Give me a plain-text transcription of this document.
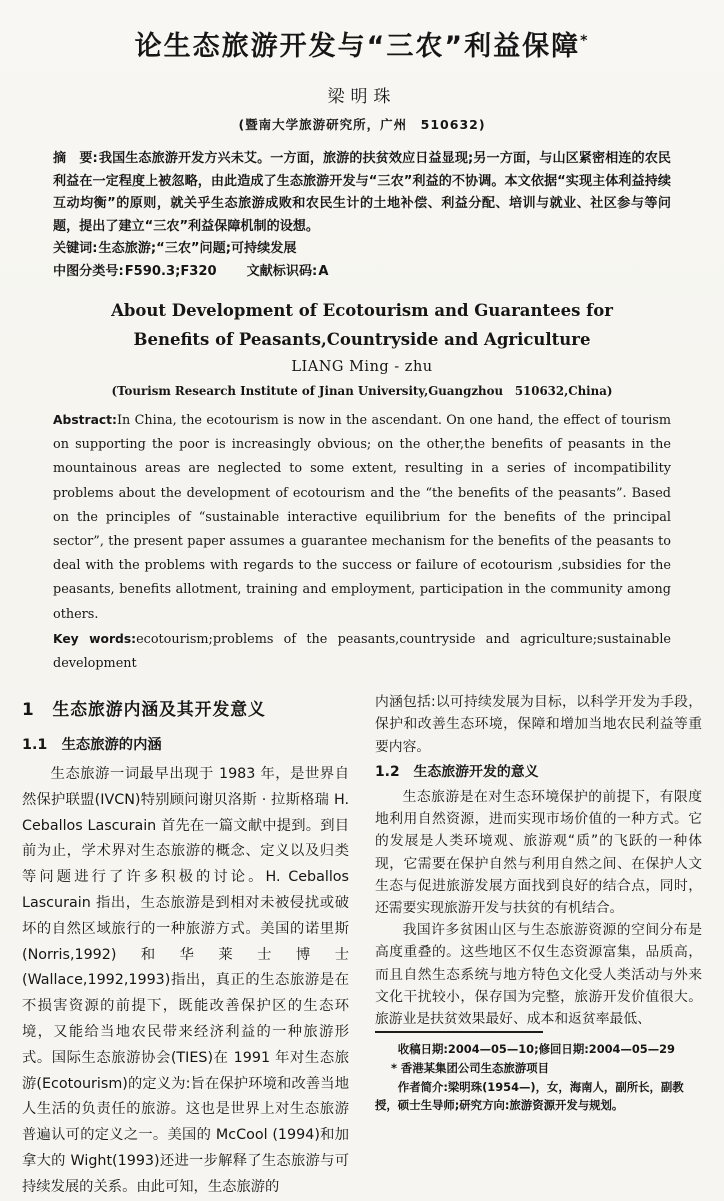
论生态旅游开发与“三农”利益保障*
梁明珠
(暨南大学旅游研究所，广州　510632)

摘　要:我国生态旅游开发方兴未艾。一方面，旅游的扶贫效应日益显现;另一方面，与山区紧密相连的农民利益在一定程度上被忽略，由此造成了生态旅游开发与“三农”利益的不协调。本文依据“实现主体利益持续互动均衡”的原则，就关乎生态旅游成败和农民生计的土地补偿、利益分配、培训与就业、社区参与等问题，提出了建立“三农”利益保障机制的设想。

关键词:生态旅游;“三农”问题;可持续发展

中图分类号:F590.3;F320 文献标识码:A

About Development of Ecotourism and Guarantees for
Benefits of Peasants,Countryside and Agriculture
LIANG Ming - zhu
(Tourism Research Institute of Jinan University,Guangzhou　510632,China)

Abstract:In China, the ecotourism is now in the ascendant. On one hand, the effect of tourism on supporting the poor is increasingly obvious; on the other,the benefits of peasants in the mountainous areas are neglected to some extent, resulting in a series of incompatibility problems about the development of ecotourism and the “the benefits of the peasants”. Based on the principles of “sustainable interactive equilibrium for the benefits of the principal sector”, the present paper assumes a guarantee mechanism for the benefits of the peasants to deal with the problems with regards to the success or failure of ecotourism ,subsidies for the peasants, benefits allotment, training and employment, participation in the community among others.

Key words:ecotourism;problems of the peasants,countryside and agriculture;sustainable development

1　生态旅游内涵及其开发意义
1.1　生态旅游的内涵

生态旅游一词最早出现于 1983 年，是世界自然保护联盟(IVCN)特别顾问谢贝洛斯 · 拉斯格瑞 H. Ceballos Lascurain 首先在一篇文献中提到。到目前为止，学术界对生态旅游的概念、定义以及归类等问题进行了许多积极的讨论。H. Ceballos Lascurain 指出，生态旅游是到相对未被侵扰或破坏的自然区域旅行的一种旅游方式。美国的诺里斯(Norris,1992)和华莱士博士(Wallace,1992,1993)指出，真正的生态旅游是在不损害资源的前提下，既能改善保护区的生态环境，又能给当地农民带来经济利益的一种旅游形式。国际生态旅游协会(TIES)在 1991 年对生态旅游(Ecotourism)的定义为:旨在保护环境和改善当地人生活的负责任的旅游。这也是世界上对生态旅游普遍认可的定义之一。美国的 McCool (1994)和加拿大的 Wight(1993)还进一步解释了生态旅游与可持续发展的关系。由此可知，生态旅游的

内涵包括:以可持续发展为目标，以科学开发为手段，保护和改善生态环境，保障和增加当地农民利益等重要内容。

1.2　生态旅游开发的意义

生态旅游是在对生态环境保护的前提下，有限度地利用自然资源，进而实现市场价值的一种方式。它的发展是人类环境观、旅游观“质”的飞跃的一种体现，它需要在保护自然与利用自然之间、在保护人文生态与促进旅游发展方面找到良好的结合点，同时，还需要实现旅游开发与扶贫的有机结合。

我国许多贫困山区与生态旅游资源的空间分布是高度重叠的。这些地区不仅生态资源富集，品质高，而且自然生态系统与地方特色文化受人类活动与外来文化干扰较小，保存国为完整，旅游开发价值很大。旅游业是扶贫效果最好、成本和返贫率最低、

收稿日期:2004—05—10;修回日期:2004—05—29

* 香港某集团公司生态旅游项目

作者简介:梁明珠(1954—)，女，海南人，副所长，副教授，硕士生导师;研究方向:旅游资源开发与规划。
